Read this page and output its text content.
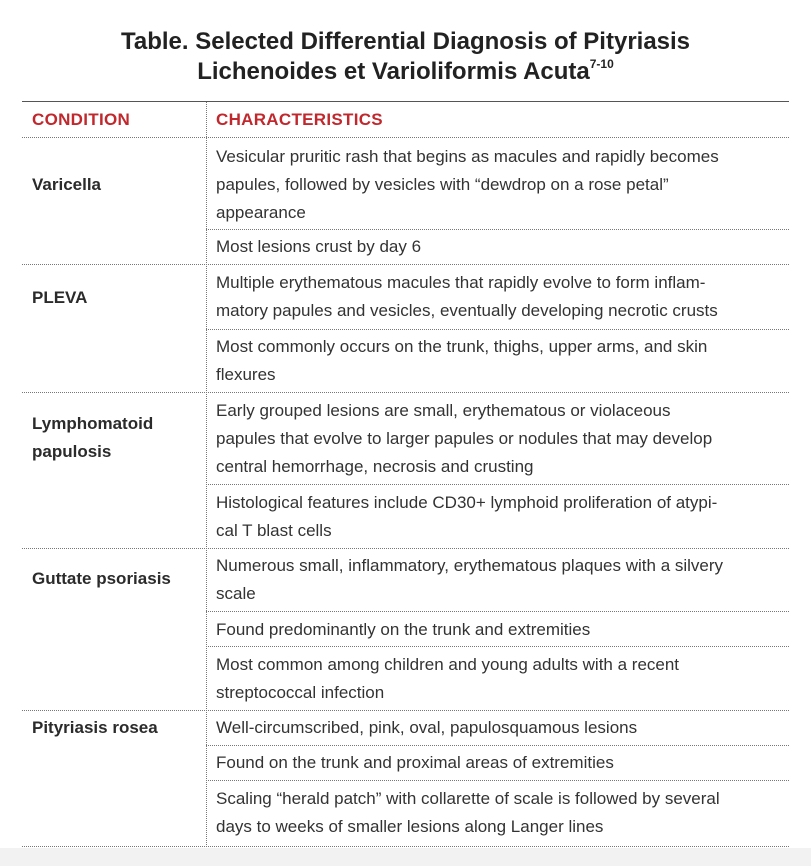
Table. Selected Differential Diagnosis of Pityriasis
Lichenoides et Varioliformis Acuta$^{7-10}$
CONDITION	CHARACTERISTICS
Varicella
PLEVA
Lymphomatoid
papulosis
Guttate psoriasis
Pityriasis rosea
Vesicular pruritic rash that begins as macules and rapidly becomes
papules, followed by vesicles with “dewdrop on a rose petal”
appearance
Most lesions crust by day 6
Multiple erythematous macules that rapidly evolve to form inflam-
matory papules and vesicles, eventually developing necrotic crusts
Most commonly occurs on the trunk, thighs, upper arms, and skin
flexures
Early grouped lesions are small, erythematous or violaceous
papules that evolve to larger papules or nodules that may develop
central hemorrhage, necrosis and crusting
Histological features include CD30+ lymphoid proliferation of atypi-
cal T blast cells
Numerous small, inflammatory, erythematous plaques with a silvery
scale
Found predominantly on the trunk and extremities
Most common among children and young adults with a recent
streptococcal infection
Well-circumscribed, pink, oval, papulosquamous lesions
Found on the trunk and proximal areas of extremities
Scaling “herald patch” with collarette of scale is followed by several
days to weeks of smaller lesions along Langer lines
